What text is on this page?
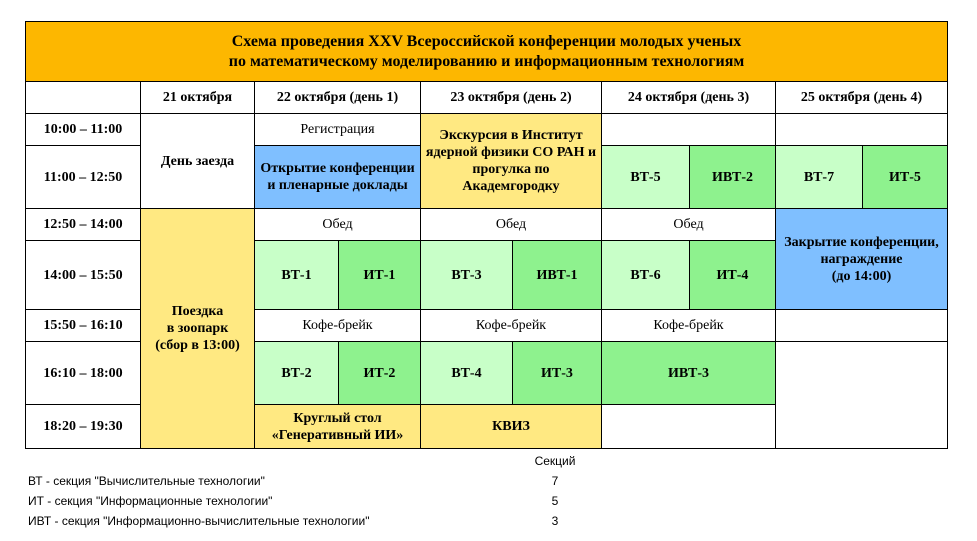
Схема проведения XXV Всероссийской конференции молодых ученых
по математическому моделированию и информационным технологиям									

	21 октября	22 октября (день 1)		23 октября (день 2)		24 октября (день 3)		25 октября (день 4)	
10:00 – 11:00	День заезда	Регистрация		Экскурсия в Институт ядерной физики СО РАН и прогулка по Академгородку					
11:00 – 12:50		Открытие конференции и пленарные доклады				ВТ-5	ИВТ-2	ВТ-7	ИТ-5
12:50 – 14:00	Поездка
в зоопарк
(сбор в 13:00)	Обед		Обед		Обед		Закрытие конференции, награждение
(до 14:00)	
14:00 – 15:50		ВТ-1	ИТ-1	ВТ-3	ИВТ-1	ВТ-6	ИТ-4		
15:50 – 16:10		Кофе-брейк		Кофе-брейк		Кофе-брейк			
16:10 – 18:00		ВТ-2	ИТ-2	ВТ-4	ИТ-3	ИВТ-3			
18:20 – 19:30		Круглый стол
«Генеративный ИИ»		КВИЗ					
Секций
ВТ - секция "Вычислительные технологии"	7
ИТ - секция "Информационные технологии"	5
ИВТ - секция "Информационно-вычислительные технологии"	3
